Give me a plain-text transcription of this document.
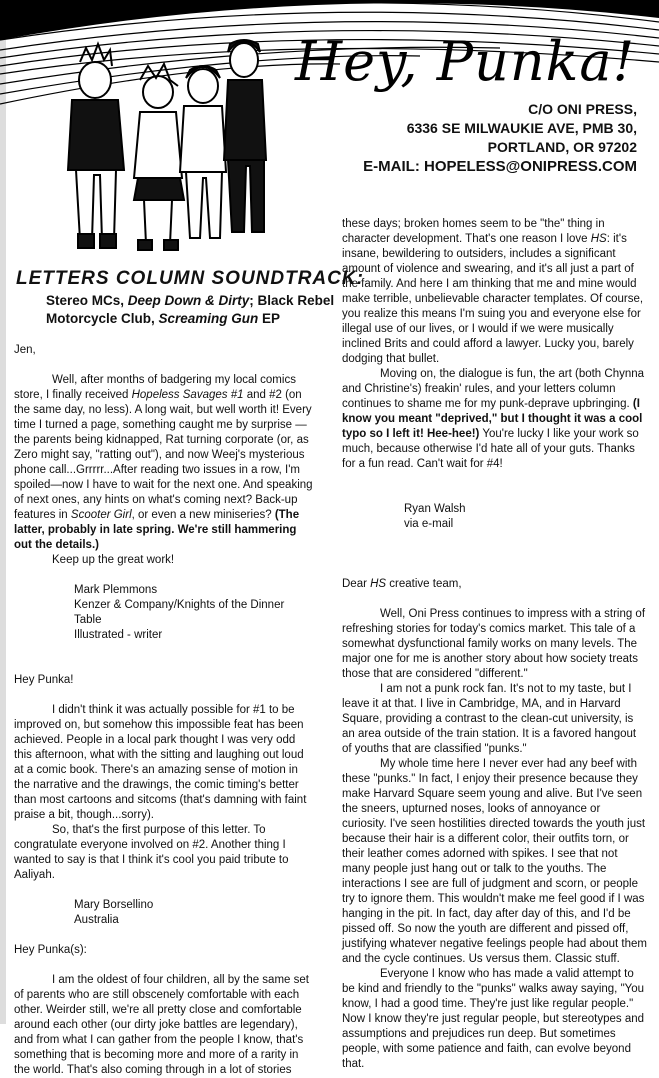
Hey, Punka!
C/O ONI PRESS,
6336 SE MILWAUKIE AVE, PMB 30,
PORTLAND, OR 97202
E-MAIL: HOPELESS@ONIPRESS.COM
LETTERS COLUMN SOUNDTRACK:
Stereo MCs, Deep Down & Dirty; Black Rebel Motorcycle Club, Screaming Gun EP

Jen,

Well, after months of badgering my local comics store, I finally received Hopeless Savages #1 and #2 (on the same day, no less). A long wait, but well worth it! Every time I turned a page, something caught me by surprise — the parents being kidnapped, Rat turning corporate (or, as Zero might say, "ratting out"), and now Weej's mysterious phone call...Grrrrr...After reading two issues in a row, I'm spoiled—now I have to wait for the next one. And speaking of next ones, any hints on what's coming next? Back-up features in Scooter Girl, or even a new miniseries? (The latter, probably in late spring. We're still hammering out the details.)

Keep up the great work!

Mark Plemmons

Kenzer & Company/Knights of the Dinner Table

Illustrated - writer

Hey Punka!

I didn't think it was actually possible for #1 to be improved on, but somehow this impossible feat has been achieved. People in a local park thought I was very odd this afternoon, what with the sitting and laughing out loud at a comic book. There's an amazing sense of motion in the narrative and the drawings, the comic timing's better than most cartoons and sitcoms (that's damning with faint praise a bit, though...sorry).

So, that's the first purpose of this letter. To congratulate everyone involved on #2. Another thing I wanted to say is that I think it's cool you paid tribute to Aaliyah.

Mary Borsellino

Australia

Hey Punka(s):

I am the oldest of four children, all by the same set of parents who are still obscenely comfortable with each other. Weirder still, we're all pretty close and comfortable around each other (our dirty joke battles are legendary), and from what I can gather from the people I know, that's something that is becoming more and more of a rarity in the world. That's also coming through in a lot of stories

these days; broken homes seem to be "the" thing in character development. That's one reason I love HS: it's insane, bewildering to outsiders, includes a significant amount of violence and swearing, and it's all just a part of the family. And here I am thinking that me and mine would make terrible, unbelievable character templates. Of course, you realize this means I'm suing you and everyone else for illegal use of our lives, or I would if we were musically inclined Brits and could afford a lawyer. Lucky you, barely dodging that bullet.

Moving on, the dialogue is fun, the art (both Chynna and Christine's) freakin' rules, and your letters column continues to shame me for my punk-deprave upbringing. (I know you meant "deprived," but I thought it was a cool typo so I left it! Hee-hee!) You're lucky I like your work so much, because otherwise I'd hate all of your guts. Thanks for a fun read. Can't wait for #4!

Ryan Walsh

via e-mail

Dear HS creative team,

Well, Oni Press continues to impress with a string of refreshing stories for today's comics market. This tale of a somewhat dysfunctional family works on many levels. The major one for me is another story about how society treats those that are considered "different."

I am not a punk rock fan. It's not to my taste, but I leave it at that. I live in Cambridge, MA, and in Harvard Square, providing a contrast to the clean-cut university, is an area outside of the train station. It is a favored hangout of youths that are classified "punks."

My whole time here I never ever had any beef with these "punks." In fact, I enjoy their presence because they make Harvard Square seem young and alive. But I've seen the sneers, upturned noses, looks of annoyance or curiosity. I've seen hostilities directed towards the youth just because their hair is a different color, their outfits torn, or their leather comes adorned with spikes. I see that not many people just hang out or talk to the youths. The interactions I see are full of judgment and scorn, or people try to ignore them. This wouldn't make me feel good if I was hanging in the pit. In fact, day after day of this, and I'd be pissed off. So now the youth are different and pissed off, justifying whatever negative feelings people had about them and the cycle continues. Us versus them. Classic stuff.

Everyone I know who has made a valid attempt to be kind and friendly to the "punks" walks away saying, "You know, I had a good time. They're just like regular people." Now I know they're just regular people, but stereotypes and assumptions and prejudices run deep. But sometimes people, with some patience and faith, can evolve beyond that.
